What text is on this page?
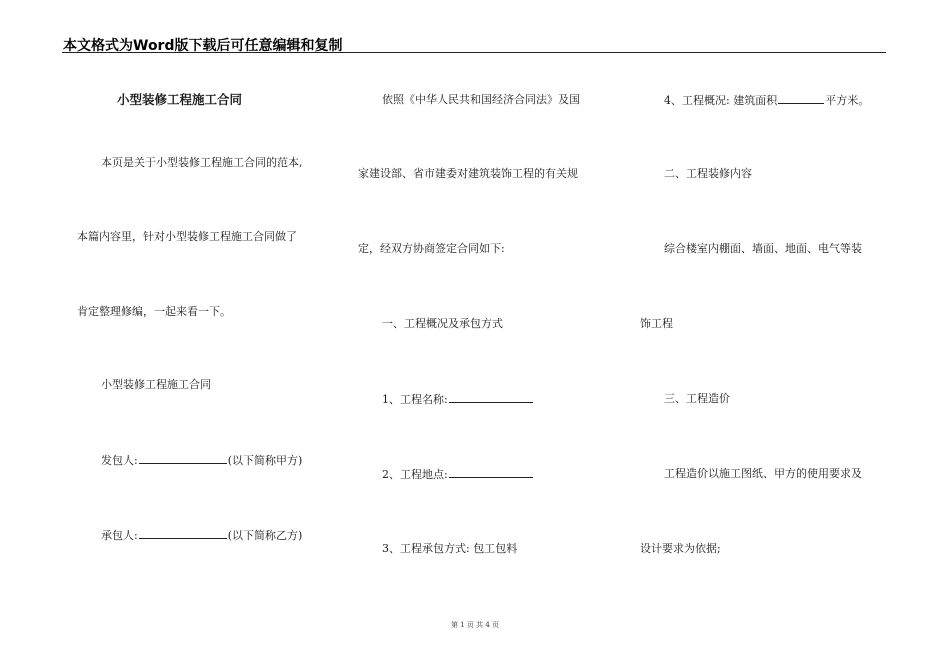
本文格式为Word版下载后可任意编辑和复制
小型装修工程施工合同
本页是关于小型装修工程施工合同的范本,
本篇内容里，针对小型装修工程施工合同做了
肯定整理修编，一起来看一下。
小型装修工程施工合同
发包人:	(以下简称甲方)
承包人:	(以下简称乙方)
依照《中华人民共和国经济合同法》及国
家建设部、省市建委对建筑装饰工程的有关规
定，经双方协商签定合同如下:
一、工程概况及承包方式
1、工程名称:
2、工程地点:
3、工程承包方式: 包工包料
4、工程概况: 建筑面积	平方米。
二、工程装修内容
综合楼室内棚面、墙面、地面、电气等装
饰工程
三、工程造价
工程造价以施工图纸、甲方的使用要求及
设计要求为依据;
第 1 页 共 4 页
